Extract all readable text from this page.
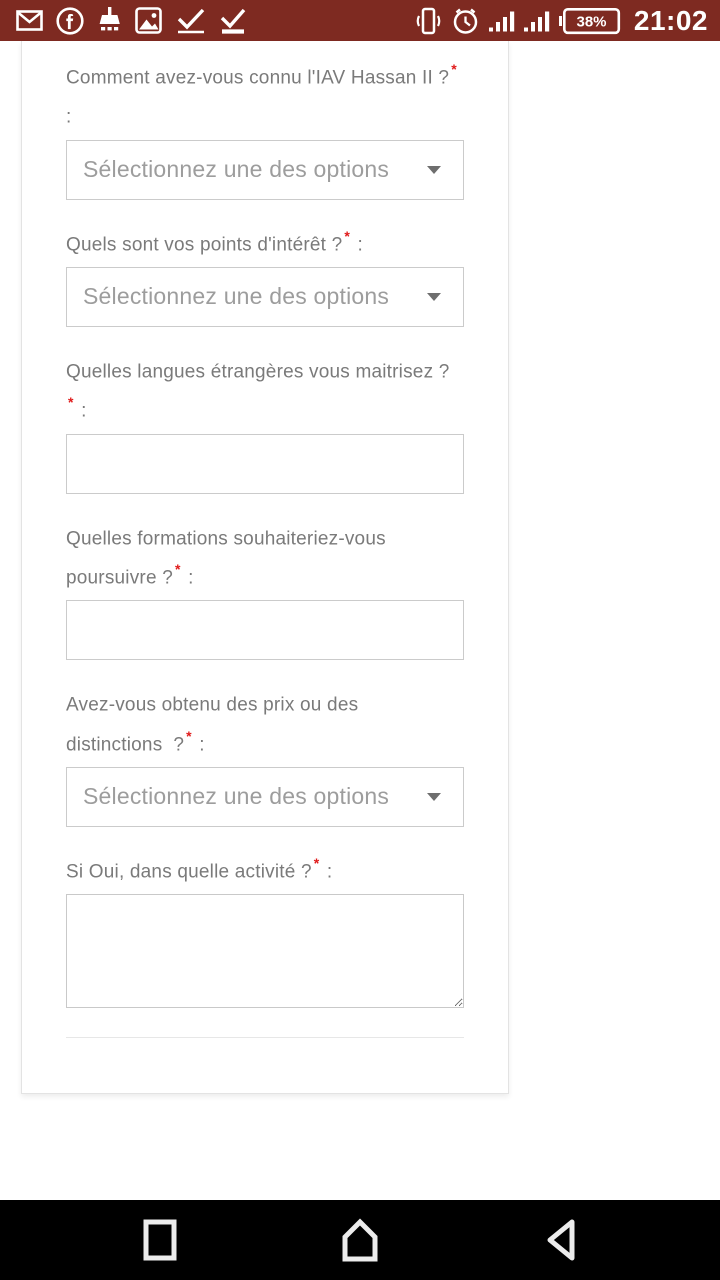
38% 21:02
Comment avez-vous connu l'IAV Hassan II ? *
:
Sélectionnez une des options
Quels sont vos points d'intérêt ? * :
Sélectionnez une des options
Quelles langues étrangères vous maitrisez ?
* :
Quelles formations souhaiteriez-vous
poursuivre ? * :
Avez-vous obtenu des prix ou des
distinctions  ? * :
Sélectionnez une des options
Si Oui, dans quelle activité ? * :
